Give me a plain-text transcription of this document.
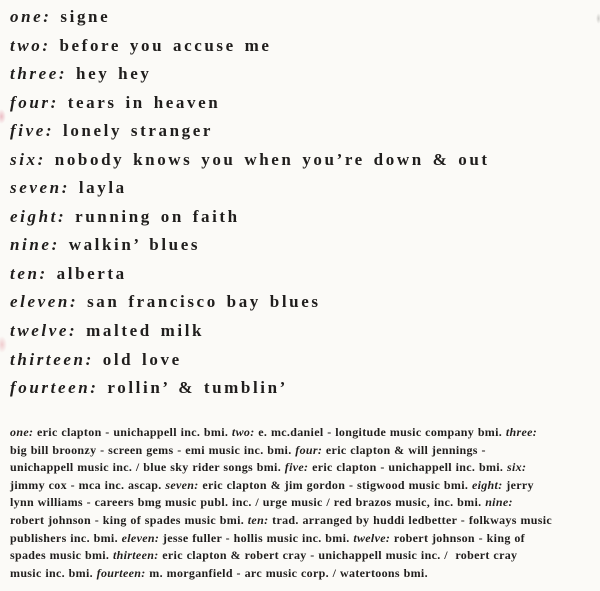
one: signe
two: before you accuse me
three: hey hey
four: tears in heaven
five: lonely stranger
six: nobody knows you when you’re down & out
seven: layla
eight: running on faith
nine: walkin’ blues
ten: alberta
eleven: san francisco bay blues
twelve: malted milk
thirteen: old love
fourteen: rollin’ & tumblin’
one: eric clapton - unichappell inc. bmi. two: e. mc.daniel - longitude music company bmi. three:
big bill broonzy - screen gems - emi music inc. bmi. four: eric clapton & will jennings -
unichappell music inc. / blue sky rider songs bmi. five: eric clapton - unichappell inc. bmi. six:
jimmy cox - mca inc. ascap. seven: eric clapton & jim gordon - stigwood music bmi. eight: jerry
lynn williams - careers bmg music publ. inc. / urge music / red brazos music, inc. bmi. nine:
robert johnson - king of spades music bmi. ten: trad. arranged by huddi ledbetter - folkways music
publishers inc. bmi. eleven: jesse fuller - hollis music inc. bmi. twelve: robert johnson - king of
spades music bmi. thirteen: eric clapton & robert cray - unichappell music inc. /  robert cray
music inc. bmi. fourteen: m. morganfield - arc music corp. / watertoons bmi.
